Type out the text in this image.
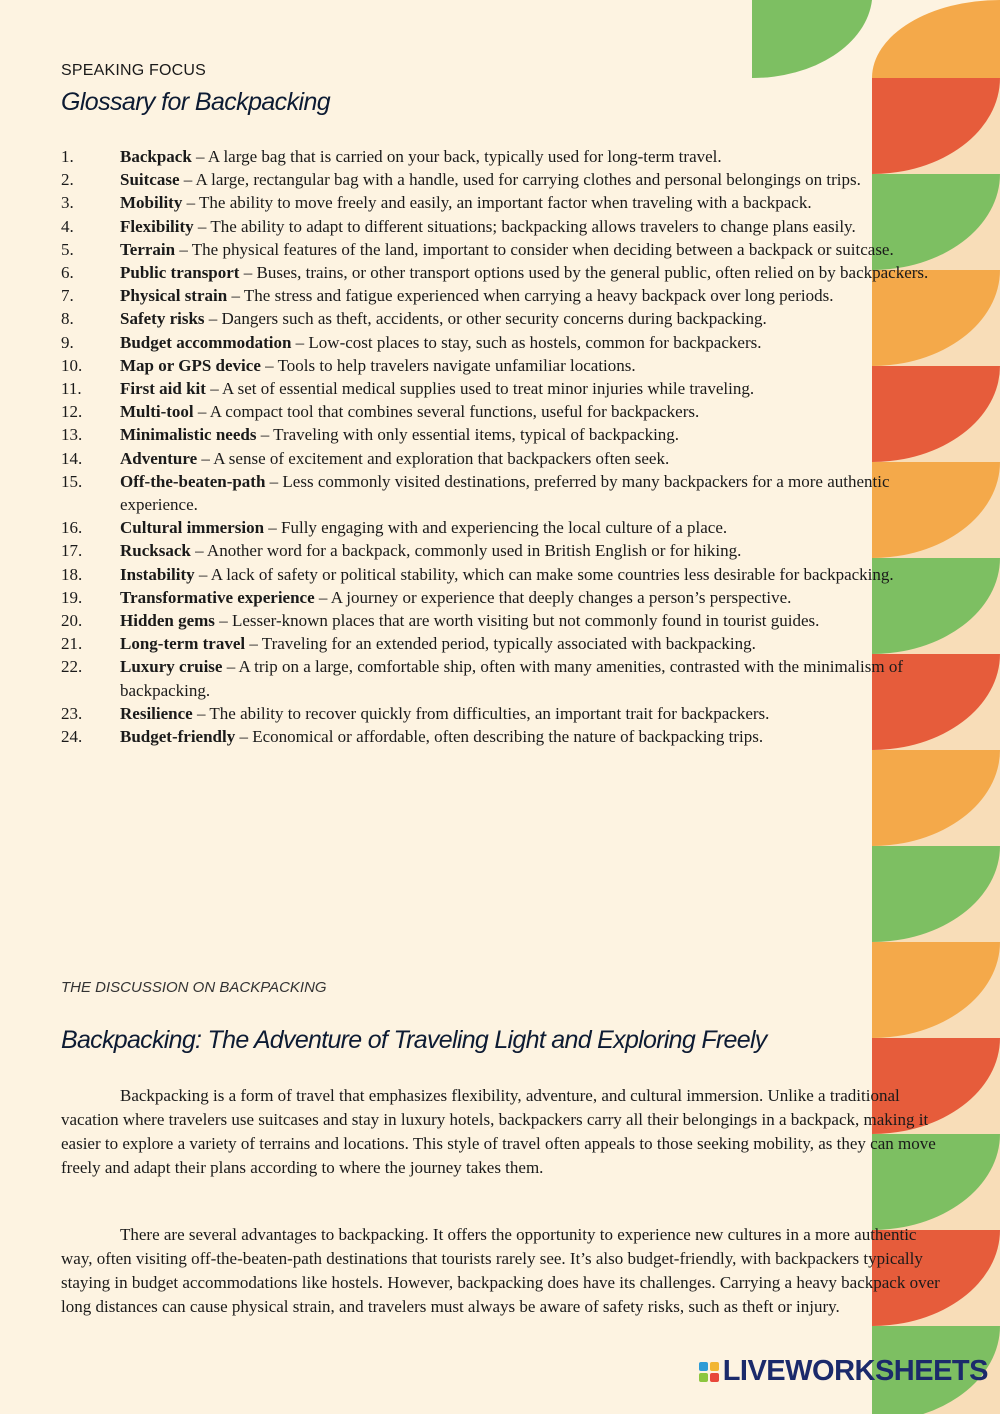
SPEAKING FOCUS
Glossary for Backpacking
1.	Backpack – A large bag that is carried on your back, typically used for long-term travel.
2.	Suitcase – A large, rectangular bag with a handle, used for carrying clothes and personal belongings on trips.
3.	Mobility – The ability to move freely and easily, an important factor when traveling with a backpack.
4.	Flexibility – The ability to adapt to different situations; backpacking allows travelers to change plans easily.
5.	Terrain – The physical features of the land, important to consider when deciding between a backpack or suitcase.
6.	Public transport – Buses, trains, or other transport options used by the general public, often relied on by backpackers.
7.	Physical strain – The stress and fatigue experienced when carrying a heavy backpack over long periods.
8.	Safety risks – Dangers such as theft, accidents, or other security concerns during backpacking.
9.	Budget accommodation – Low-cost places to stay, such as hostels, common for backpackers.
10. Map or GPS device – Tools to help travelers navigate unfamiliar locations.
11. First aid kit – A set of essential medical supplies used to treat minor injuries while traveling.
12. Multi-tool – A compact tool that combines several functions, useful for backpackers.
13. Minimalistic needs – Traveling with only essential items, typical of backpacking.
14. Adventure – A sense of excitement and exploration that backpackers often seek.
15. Off-the-beaten-path – Less commonly visited destinations, preferred by many backpackers for a more authentic experience.
16. Cultural immersion – Fully engaging with and experiencing the local culture of a place.
17. Rucksack – Another word for a backpack, commonly used in British English or for hiking.
18. Instability – A lack of safety or political stability, which can make some countries less desirable for backpacking.
19. Transformative experience – A journey or experience that deeply changes a person’s perspective.
20. Hidden gems – Lesser-known places that are worth visiting but not commonly found in tourist guides.
21. Long-term travel – Traveling for an extended period, typically associated with backpacking.
22. Luxury cruise – A trip on a large, comfortable ship, often with many amenities, contrasted with the minimalism of backpacking.
23. Resilience – The ability to recover quickly from difficulties, an important trait for backpackers.
24. Budget-friendly – Economical or affordable, often describing the nature of backpacking trips.
THE DISCUSSION ON BACKPACKING
Backpacking: The Adventure of Traveling Light and Exploring Freely

Backpacking is a form of travel that emphasizes flexibility, adventure, and cultural immersion. Unlike a traditional vacation where travelers use suitcases and stay in luxury hotels, backpackers carry all their belongings in a backpack, making it easier to explore a variety of terrains and locations. This style of travel often appeals to those seeking mobility, as they can move freely and adapt their plans according to where the journey takes them.

There are several advantages to backpacking. It offers the opportunity to experience new cultures in a more authentic way, often visiting off-the-beaten-path destinations that tourists rarely see. It’s also budget-friendly, with backpackers typically staying in budget accommodations like hostels. However, backpacking does have its challenges. Carrying a heavy backpack over long distances can cause physical strain, and travelers must always be aware of safety risks, such as theft or injury.

LIVEWORKSHEETS
